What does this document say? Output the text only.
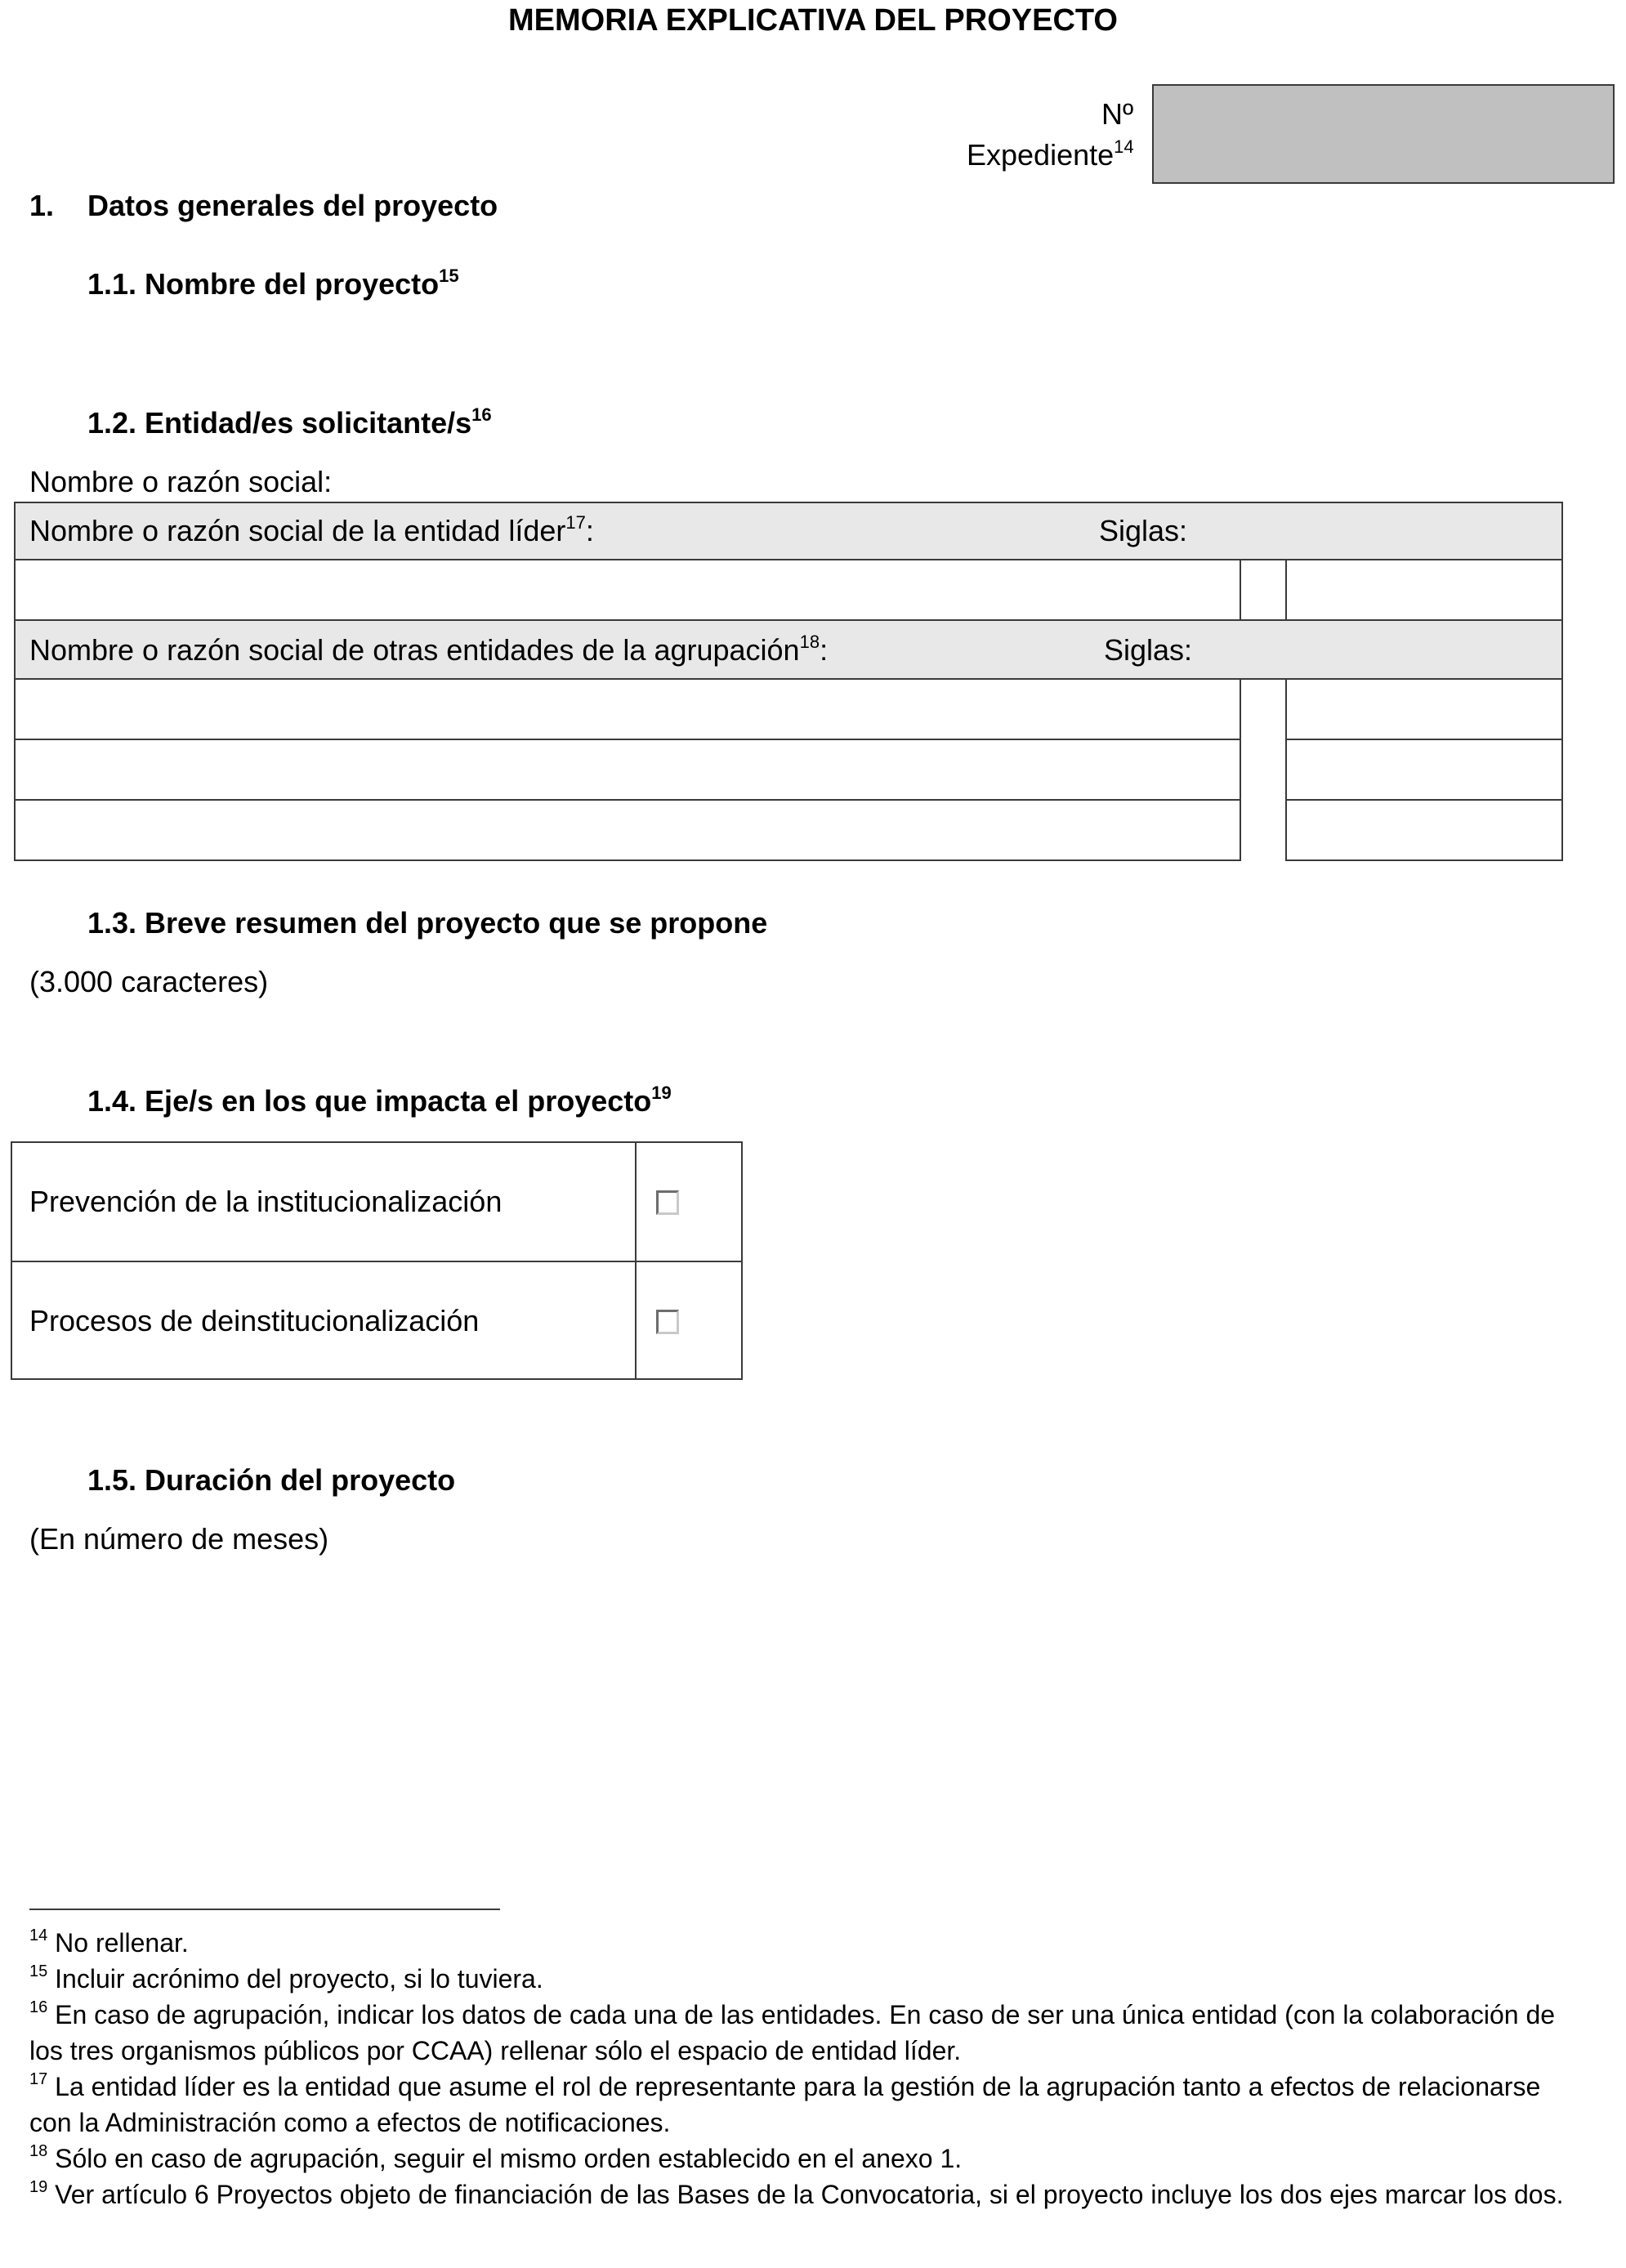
MEMORIA EXPLICATIVA DEL PROYECTO
Nº
Expediente$^{14}$
1. Datos generales del proyecto
1.1. Nombre del proyecto$^{15}$
1.2. Entidad/es solicitante/$s^{16}$
Nombre o razón social:
Nombre o razón social de la entidad líder$^{17}$:	Siglas:
Nombre o razón social de otras entidades de la agrupación$^{18}$:	Siglas:
1.3. Breve resumen del proyecto que se propone
(3.000 caracteres)
1.4. Eje/s en los que impacta el proyecto$^{19}$
Prevención de la institucionalización
Procesos de deinstitucionalización
1.5. Duración del proyecto
(En número de meses)
$^{14}$ No rellenar.
$^{15}$ Incluir acrónimo del proyecto, si lo tuviera.
$^{16}$ En caso de agrupación, indicar los datos de cada una de las entidades. En caso de ser una única entidad (con la colaboración de
los tres organismos públicos por CCAA) rellenar sólo el espacio de entidad líder.
$^{17}$ La entidad líder es la entidad que asume el rol de representante para la gestión de la agrupación tanto a efectos de relacionarse
con la Administración como a efectos de notificaciones.
$^{18}$ Sólo en caso de agrupación, seguir el mismo orden establecido en el anexo 1.
$^{19}$ Ver artículo 6 Proyectos objeto de financiación de las Bases de la Convocatoria, si el proyecto incluye los dos ejes marcar los dos.
